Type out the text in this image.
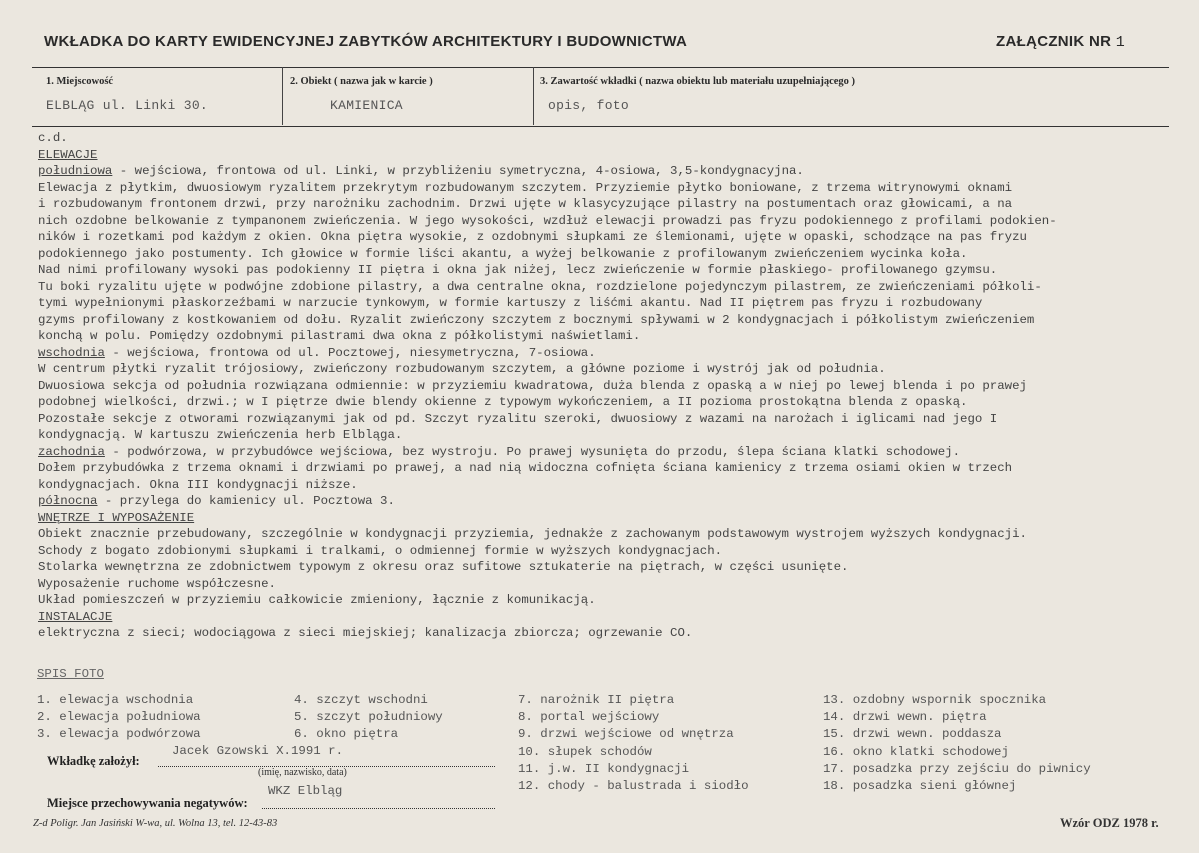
WKŁADKA DO KARTY EWIDENCYJNEJ ZABYTKÓW ARCHITEKTURY I BUDOWNICTWA	ZAŁĄCZNIK NR 1
1. Miejscowość
ELBLĄG ul. Linki 30.
2. Obiekt ( nazwa jak w karcie )
KAMIENICA
3. Zawartość wkładki ( nazwa obiektu lub materiału uzupełniającego )
opis, foto
c.d.
ELEWACJE
południowa - wejściowa, frontowa od ul. Linki, w przybliżeniu symetryczna, 4-osiowa, 3,5-kondygnacyjna.
Elewacja z płytkim, dwuosiowym ryzalitem przekrytym rozbudowanym szczytem. Przyziemie płytko boniowane, z trzema witrynowymi oknami
i rozbudowanym frontonem drzwi, przy narożniku zachodnim. Drzwi ujęte w klasycyzujące pilastry na postumentach oraz głowicami, a na
nich ozdobne belkowanie z tympanonem zwieńczenia. W jego wysokości, wzdłuż elewacji prowadzi pas fryzu podokiennego z profilami podokien-
ników i rozetkami pod każdym z okien. Okna piętra wysokie, z ozdobnymi słupkami ze ślemionami, ujęte w opaski, schodzące na pas fryzu
podokiennego jako postumenty. Ich głowice w formie liści akantu, a wyżej belkowanie z profilowanym zwieńczeniem wycinka koła.
Nad nimi profilowany wysoki pas podokienny II piętra i okna jak niżej, lecz zwieńczenie w formie płaskiego- profilowanego gzymsu.
Tu boki ryzalitu ujęte w podwójne zdobione pilastry, a dwa centralne okna, rozdzielone pojedynczym pilastrem, ze zwieńczeniami półkoli-
tymi wypełnionymi płaskorzeźbami w narzucie tynkowym, w formie kartuszy z liśćmi akantu. Nad II piętrem pas fryzu i rozbudowany
gzyms profilowany z kostkowaniem od dołu. Ryzalit zwieńczony szczytem z bocznymi spływami w 2 kondygnacjach i półkolistym zwieńczeniem
konchą w polu. Pomiędzy ozdobnymi pilastrami dwa okna z półkolistymi naświetlami.
wschodnia - wejściowa, frontowa od ul. Pocztowej, niesymetryczna, 7-osiowa.
W centrum płytki ryzalit trójosiowy, zwieńczony rozbudowanym szczytem, a główne poziome i wystrój jak od południa.
Dwuosiowa sekcja od południa rozwiązana odmiennie: w przyziemiu kwadratowa, duża blenda z opaską a w niej po lewej blenda i po prawej
podobnej wielkości, drzwi.; w I piętrze dwie blendy okienne z typowym wykończeniem, a II pozioma prostokątna blenda z opaską.
Pozostałe sekcje z otworami rozwiązanymi jak od pd. Szczyt ryzalitu szeroki, dwuosiowy z wazami na narożach i iglicami nad jego I
kondygnacją. W kartuszu zwieńczenia herb Elbląga.
zachodnia - podwórzowa, w przybudówce wejściowa, bez wystroju. Po prawej wysunięta do przodu, ślepa ściana klatki schodowej.
Dołem przybudówka z trzema oknami i drzwiami po prawej, a nad nią widoczna cofnięta ściana kamienicy z trzema osiami okien w trzech
kondygnacjach. Okna III kondygnacji niższe.
północna - przylega do kamienicy ul. Pocztowa 3.
WNĘTRZE I WYPOSAŻENIE
Obiekt znacznie przebudowany, szczególnie w kondygnacji przyziemia, jednakże z zachowanym podstawowym wystrojem wyższych kondygnacji.
Schody z bogato zdobionymi słupkami i tralkami, o odmiennej formie w wyższych kondygnacjach.
Stolarka wewnętrzna ze zdobnictwem typowym z okresu oraz sufitowe sztukaterie na piętrach, w części usunięte.
Wyposażenie ruchome współczesne.
Układ pomieszczeń w przyziemiu całkowicie zmieniony, łącznie z komunikacją.
INSTALACJE
elektryczna z sieci; wodociągowa z sieci miejskiej; kanalizacja zbiorcza; ogrzewanie CO.
SPIS FOTO
1. elewacja wschodnia
2. elewacja południowa
3. elewacja podwórzowa
4. szczyt wschodni
5. szczyt południowy
6. okno piętra
7. narożnik II piętra
8. portal wejściowy
9. drzwi wejściowe od wnętrza
10. słupek schodów
11. j.w. II kondygnacji
12. chody - balustrada i siodło
13. ozdobny wspornik spocznika
14. drzwi wewn. piętra
15. drzwi wewn. poddasza
16. okno klatki schodowej
17. posadzka przy zejściu do piwnicy
18. posadzka sieni głównej
Jacek Gzowski X.1991 r.
Wkładkę założył:
(imię, nazwisko, data)
WKZ Elbląg
Miejsce przechowywania negatywów:
Z-d Poligr. Jan Jasiński W-wa, ul. Wolna 13, tel. 12-43-83	Wzór ODZ 1978 r.
